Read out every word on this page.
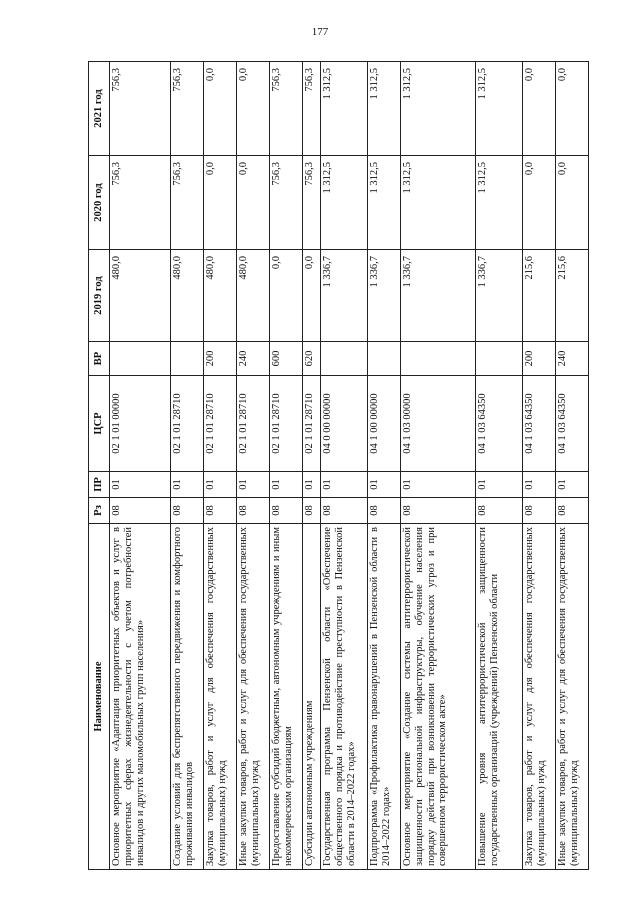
177
Наименование	Рз	ПР	ЦСР	ВР	2019 год	2020 год	2021 год
Основное мероприятие «Адаптация приоритетных объектов и услуг в приоритетных сферах жизнедеятельности с учетом потребностей инвалидов и других маломобильных групп населения»	08	01	02 1 01 00000		480,0	756,3	756,3
Создание условий для беспрепятственного передвижения и комфортного проживания инвалидов	08	01	02 1 01 28710		480,0	756,3	756,3
Закупка товаров, работ и услуг для обеспечения государственных (муниципальных) нужд	08	01	02 1 01 28710	200	480,0	0,0	0,0
Иные закупки товаров, работ и услуг для обеспечения государственных (муниципальных) нужд	08	01	02 1 01 28710	240	480,0	0,0	0,0
Предоставление субсидий бюджетным, автономным учреждениям и иным некоммерческим организациям	08	01	02 1 01 28710	600	0,0	756,3	756,3
Субсидии автономным учреждениям	08	01	02 1 01 28710	620	0,0	756,3	756,3
Государственная программа Пензенской области «Обеспечение общественного порядка и противодействие преступности в Пензенской области в 2014–2022 годах»	08	01	04 0 00 00000		1 336,7	1 312,5	1 312,5
Подпрограмма «Профилактика правонарушений в Пензенской области в 2014–2022 годах»	08	01	04 1 00 00000		1 336,7	1 312,5	1 312,5
Основное мероприятие «Создание системы антитеррористической защищенности региональной инфраструктуры, обучение населения порядку действий при возникновении террористических угроз и при совершенном террористическом акте»	08	01	04 1 03 00000		1 336,7	1 312,5	1 312,5
Повышение уровня антитеррористической защищенности государственных организаций (учреждений) Пензенской области	08	01	04 1 03 64350		1 336,7	1 312,5	1 312,5
Закупка товаров, работ и услуг для обеспечения государственных (муниципальных) нужд	08	01	04 1 03 64350	200	215,6	0,0	0,0
Иные закупки товаров, работ и услуг для обеспечения государственных (муниципальных) нужд	08	01	04 1 03 64350	240	215,6	0,0	0,0
